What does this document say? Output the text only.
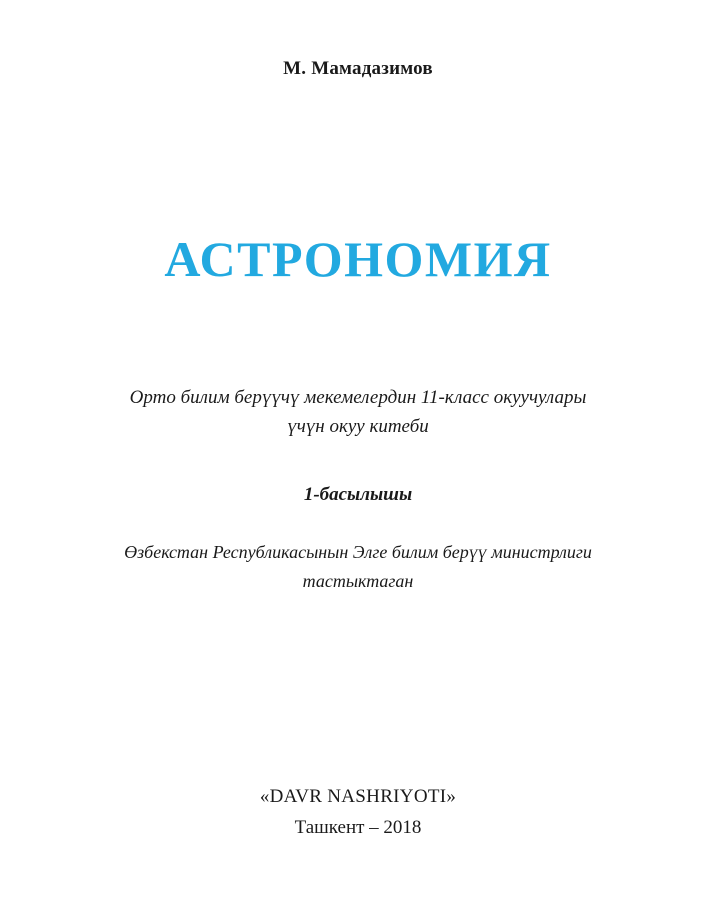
М. Мамадазимов
АСТРОНОМИЯ
Орто билим берүүчү мекемелердин 11-класс окуучулары үчүн окуу китеби
1-басылышы
Өзбекстан Республикасынын Элге билим берүү министрлиги тастыктаган
«DAVR NASHRIYOTI»
Ташкент – 2018
